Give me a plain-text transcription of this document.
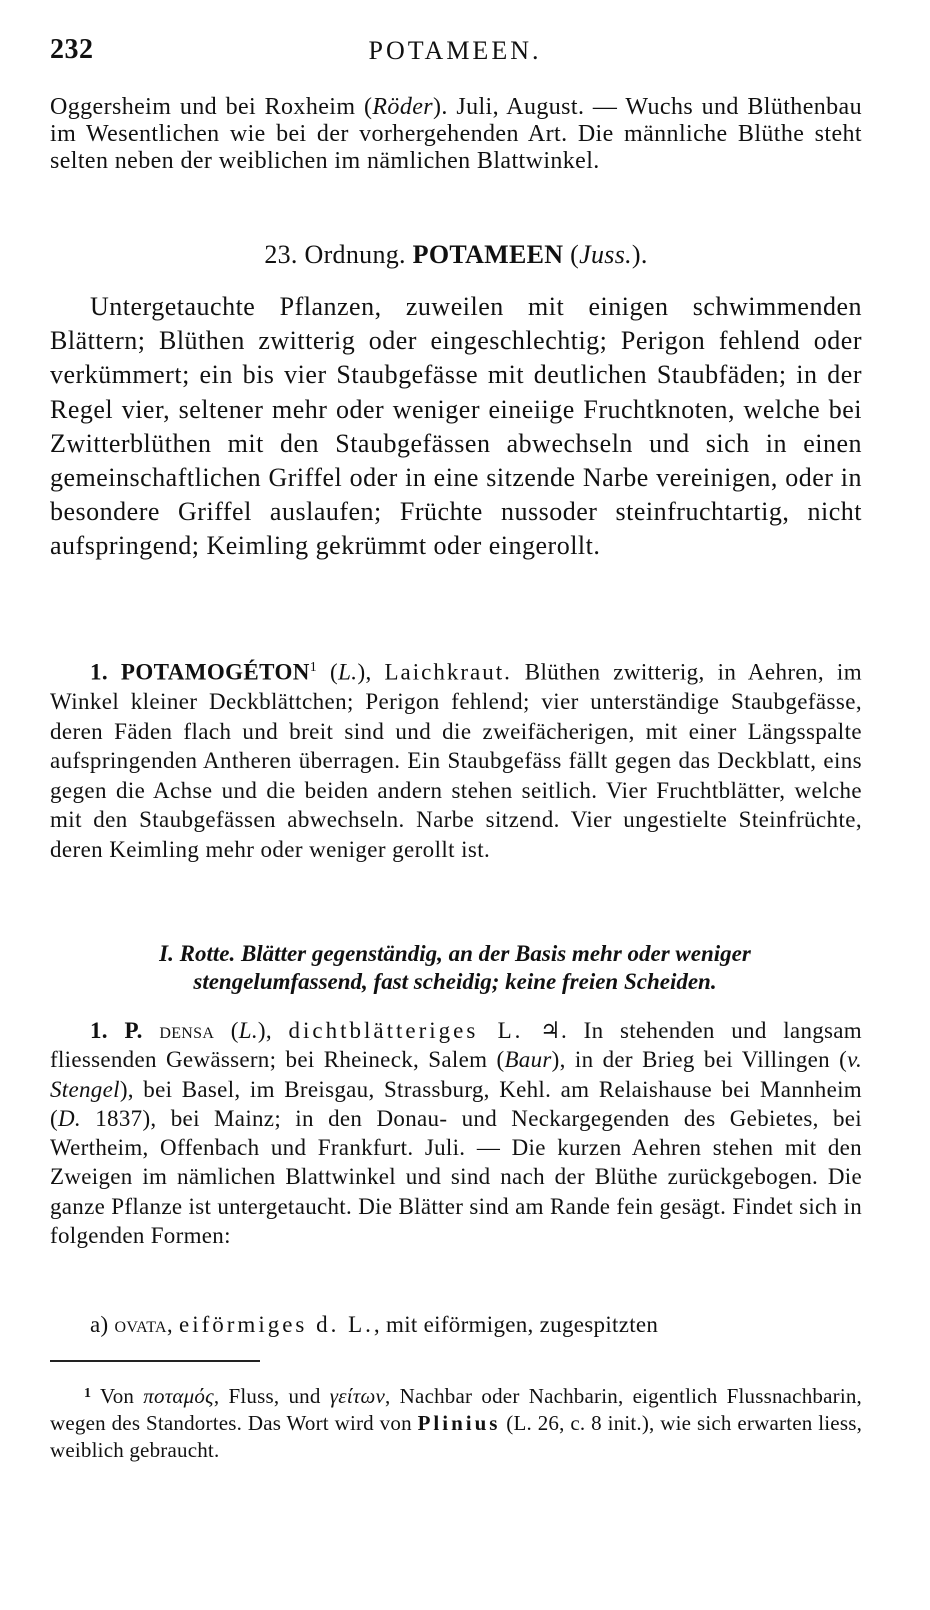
232	POTAMEEN.

Oggersheim und bei Roxheim (Röder). Juli, August. — Wuchs und Blüthenbau im Wesentlichen wie bei der vorhergehenden Art. Die männliche Blüthe steht selten neben der weiblichen im nämlichen Blattwinkel.

23. Ordnung. POTAMEEN (Juss.).

Untergetauchte Pflanzen, zuweilen mit einigen schwimmenden Blättern; Blüthen zwitterig oder eingeschlechtig; Perigon fehlend oder verkümmert; ein bis vier Staubgefässe mit deutlichen Staubfäden; in der Regel vier, seltener mehr oder weniger eineiige Fruchtknoten, welche bei Zwitterblüthen mit den Staubgefässen abwechseln und sich in einen gemeinschaftlichen Griffel oder in eine sitzende Narbe vereinigen, oder in besondere Griffel auslaufen; Früchte nussoder steinfruchtartig, nicht aufspringend; Keimling gekrümmt oder eingerollt.

1. POTAMOGÉTON$^1$ (L.), Laichkraut. Blüthen zwitterig, in Aehren, im Winkel kleiner Deckblättchen; Perigon fehlend; vier unterständige Staubgefässe, deren Fäden flach und breit sind und die zweifächerigen, mit einer Längsspalte aufspringenden Antheren überragen. Ein Staubgefäss fällt gegen das Deckblatt, eins gegen die Achse und die beiden andern stehen seitlich. Vier Fruchtblätter, welche mit den Staubgefässen abwechseln. Narbe sitzend. Vier ungestielte Steinfrüchte, deren Keimling mehr oder weniger gerollt ist.

I. Rotte. Blätter gegenständig, an der Basis mehr oder weniger
stengelumfassend, fast scheidig; keine freien Scheiden.

1. P. densa (L.), dichtblätteriges L. ♃. In stehenden und langsam fliessenden Gewässern; bei Rheineck, Salem (Baur), in der Brieg bei Villingen (v. Stengel), bei Basel, im Breisgau, Strassburg, Kehl. am Relaishause bei Mannheim (D. 1837), bei Mainz; in den Donau- und Neckargegenden des Gebietes, bei Wertheim, Offenbach und Frankfurt. Juli. — Die kurzen Aehren stehen mit den Zweigen im nämlichen Blattwinkel und sind nach der Blüthe zurückgebogen. Die ganze Pflanze ist untergetaucht. Die Blätter sind am Rande fein gesägt. Findet sich in folgenden Formen:

a) ovata, eiförmiges d. L., mit eiförmigen, zugespitzten

$^1$ Von ποταμός, Fluss, und γείτων, Nachbar oder Nachbarin, eigentlich Flussnachbarin, wegen des Standortes. Das Wort wird von Plinius (L. 26, c. 8 init.), wie sich erwarten liess, weiblich gebraucht.
